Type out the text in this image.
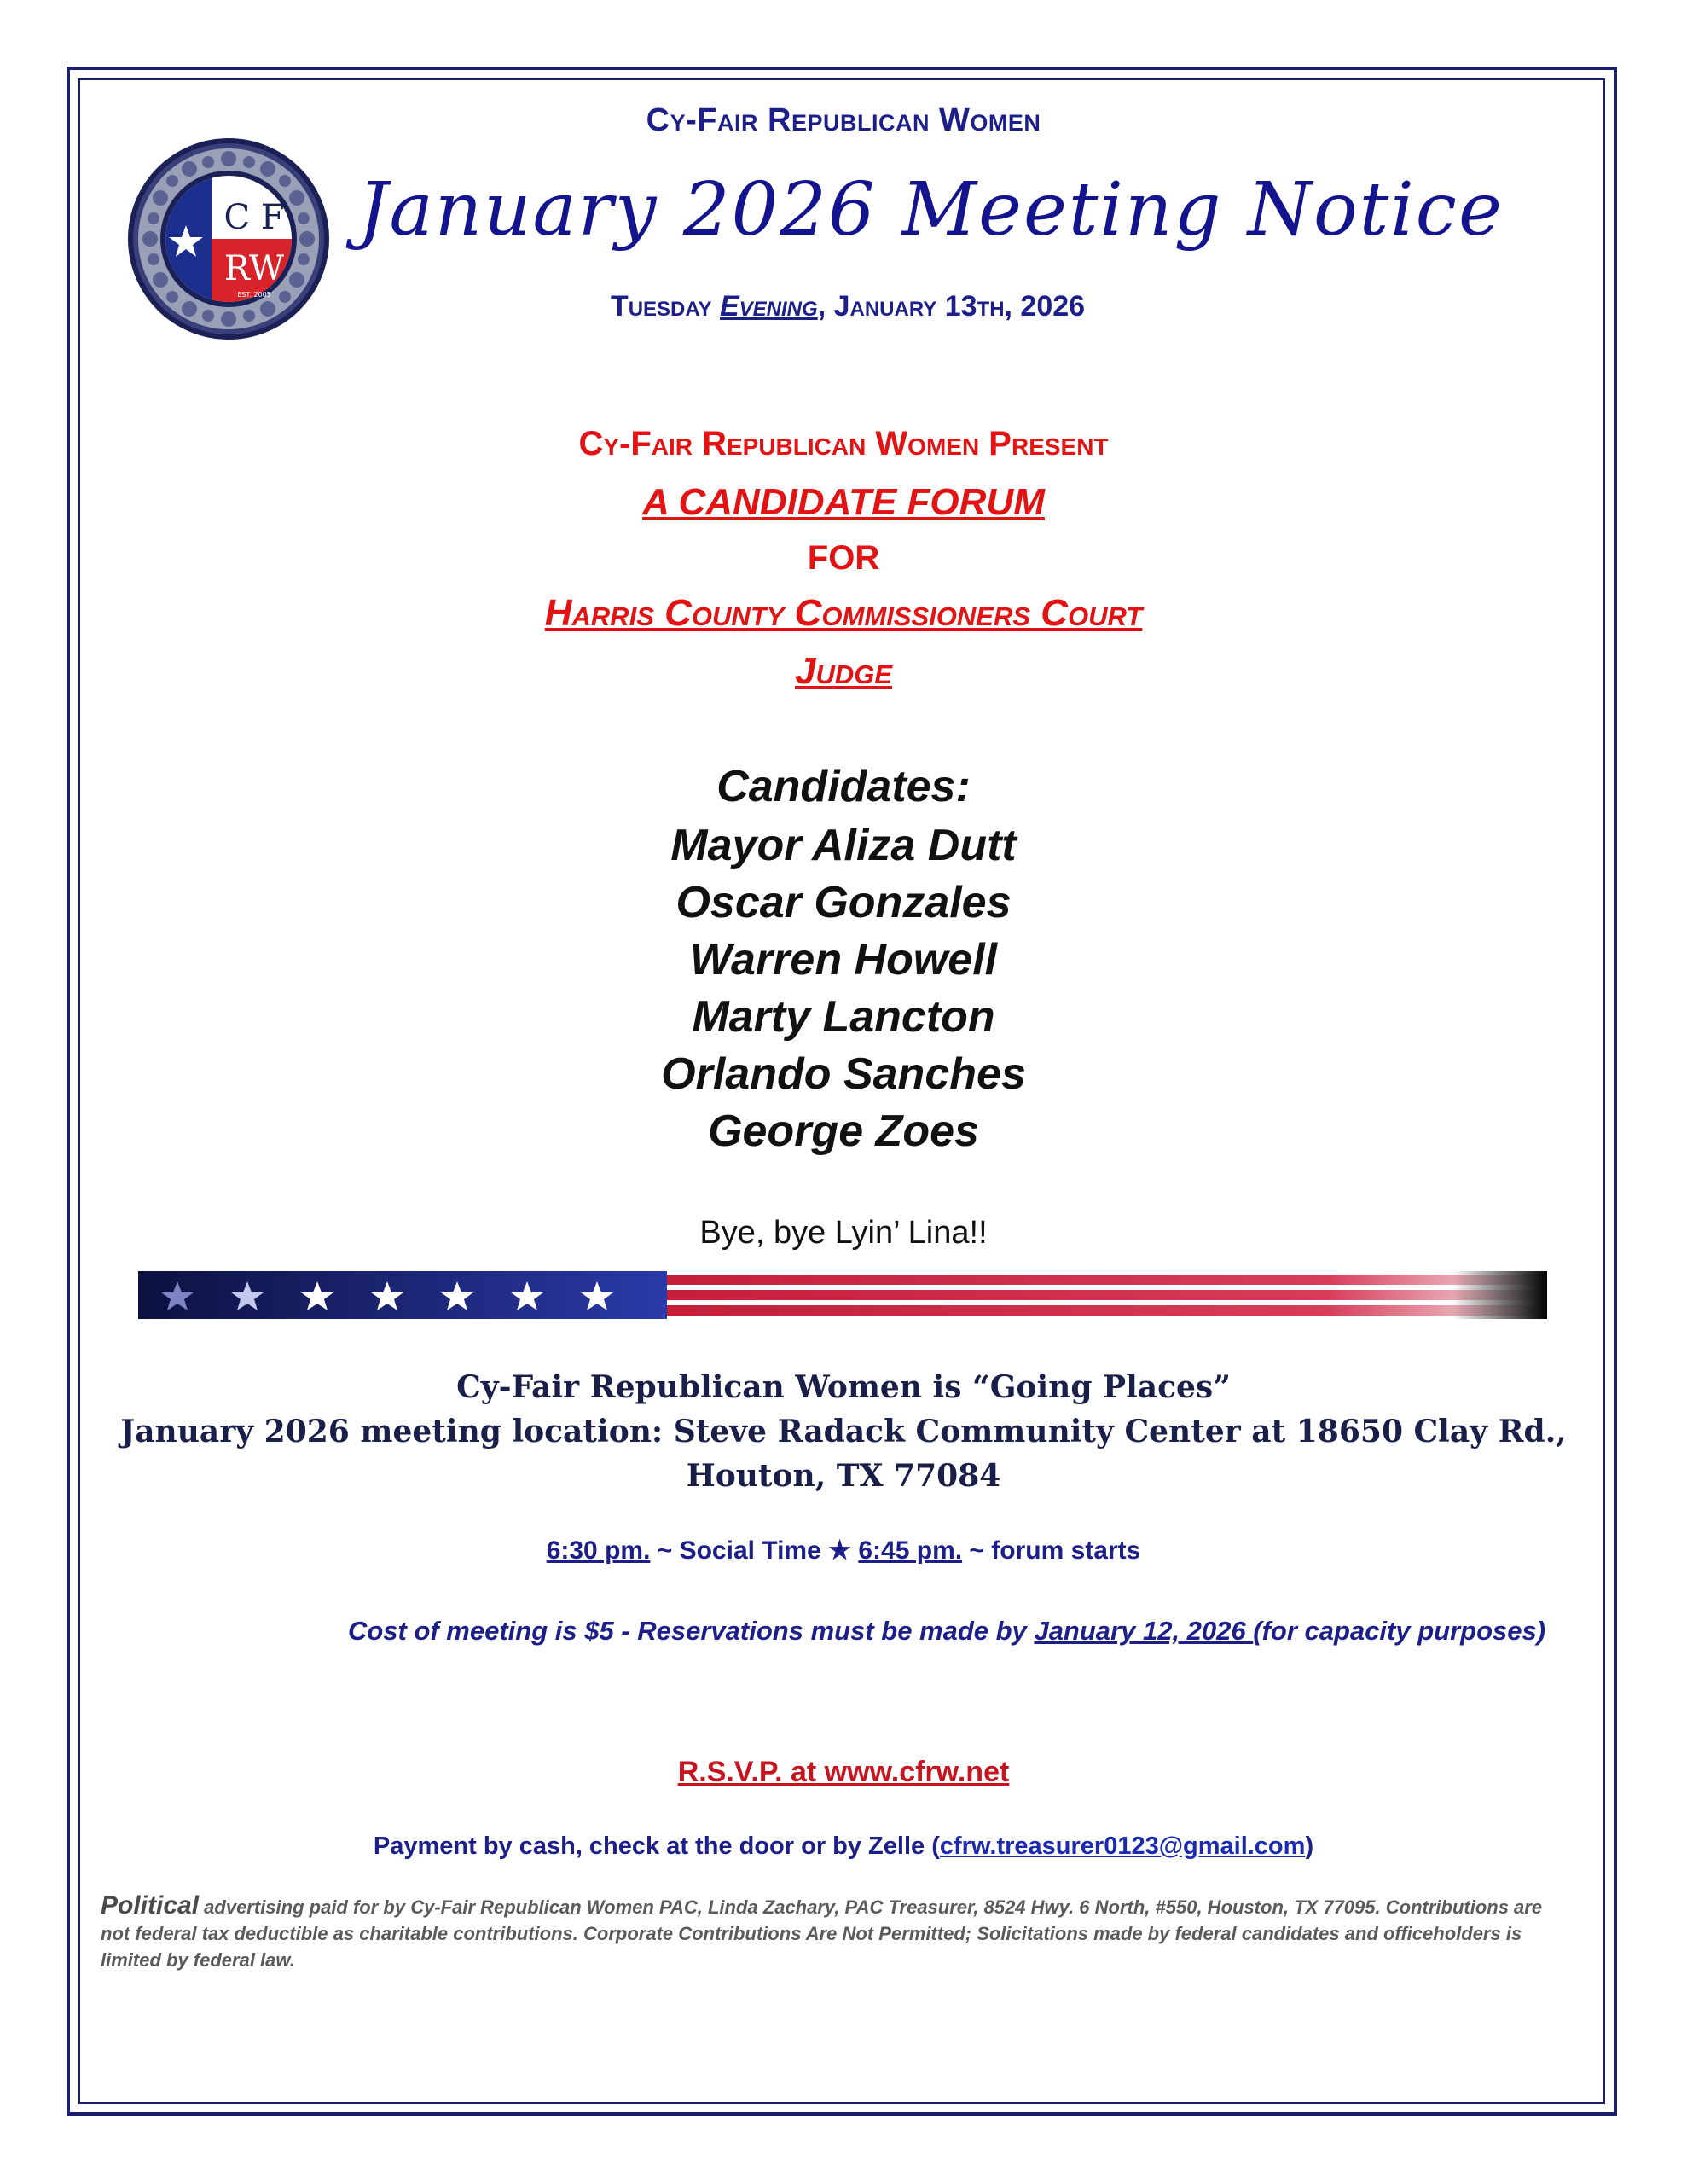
C F
RW
EST. 2005
Cy-Fair Republican Women
January 2026 Meeting Notice
Tuesday Evening, January 13th, 2026
Cy-Fair Republican Women Present
A CANDIDATE FORUM
FOR
Harris County Commissioners Court
Judge
Candidates:
Mayor Aliza Dutt
Oscar Gonzales
Warren Howell
Marty Lancton
Orlando Sanches
George Zoes
Bye, bye Lyin’ Lina!!
Cy-Fair Republican Women is “Going Places”
January 2026 meeting location: Steve Radack Community Center at 18650 Clay Rd.,
Houton, TX 77084
6:30 pm. ~ Social Time ★ 6:45 pm. ~ forum starts
Cost of meeting is $5 - Reservations must be made by January 12, 2026 (for capacity purposes)
R.S.V.P. at www.cfrw.net
Payment by cash, check at the door or by Zelle (cfrw.treasurer0123@gmail.com)
Political advertising paid for by Cy-Fair Republican Women PAC, Linda Zachary, PAC Treasurer, 8524 Hwy. 6 North, #550, Houston, TX 77095. Contributions are not federal tax deductible as charitable contributions. Corporate Contributions Are Not Permitted; Solicitations made by federal candidates and officeholders is limited by federal law.
